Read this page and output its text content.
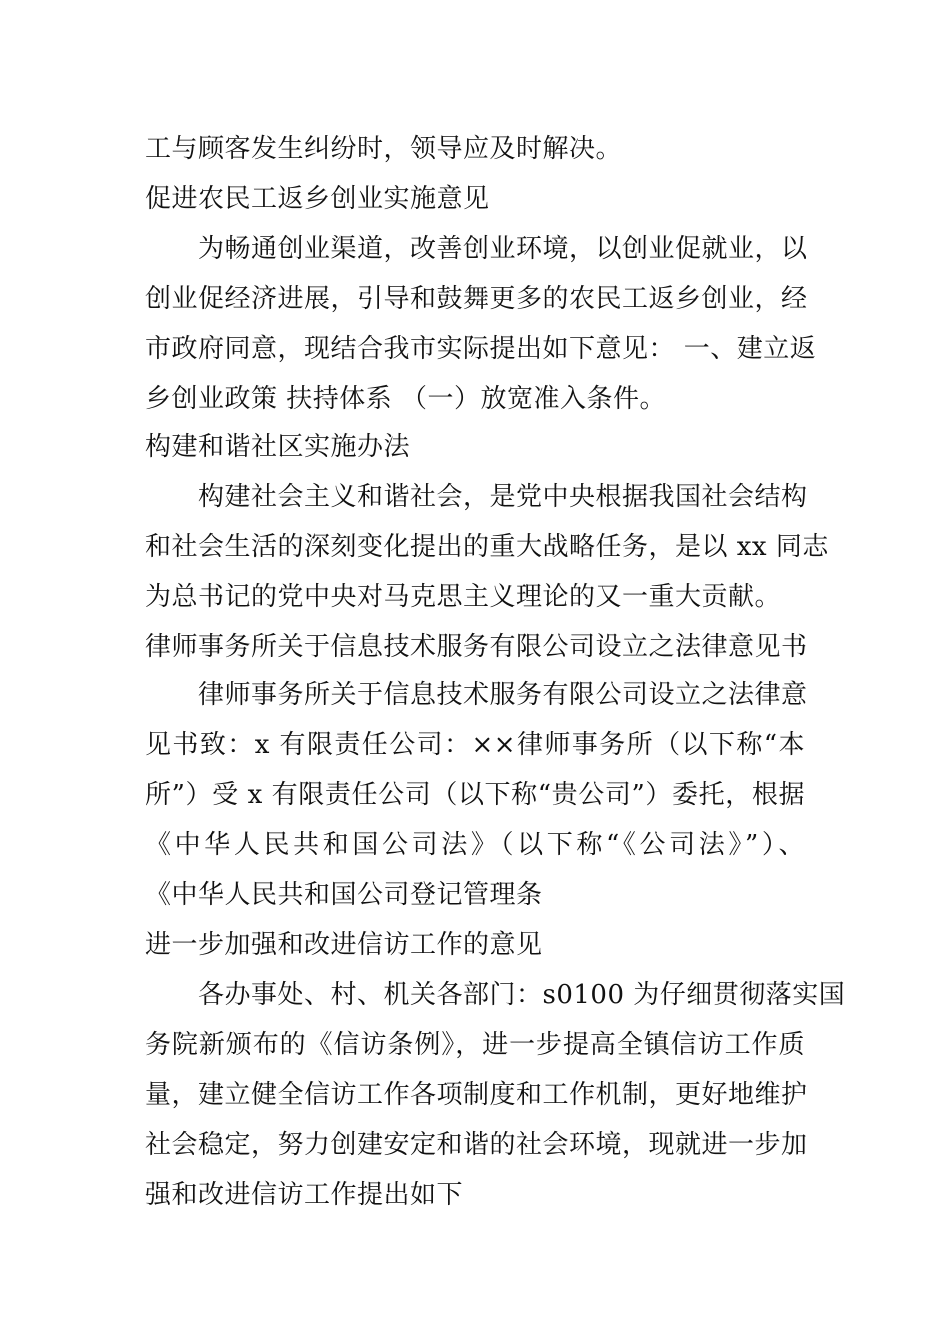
工与顾客发生纠纷时，领导应及时解决。
促进农民工返乡创业实施意见
为畅通创业渠道，改善创业环境，以创业促就业，以
创业促经济进展，引导和鼓舞更多的农民工返乡创业，经
市政府同意，现结合我市实际提出如下意见： 一、建立返
乡创业政策 扶持体系 （一）放宽准入条件。
构建和谐社区实施办法
构建社会主义和谐社会，是党中央根据我国社会结构
和社会生活的深刻变化提出的重大战略任务，是以 xx 同志
为总书记的党中央对马克思主义理论的又一重大贡献。
律师事务所关于信息技术服务有限公司设立之法律意见书
律师事务所关于信息技术服务有限公司设立之法律意
见书致：x 有限责任公司：××律师事务所（以下称“本
所”）受 x 有限责任公司（以下称“贵公司”）委托，根据
《中华人民共和国公司法》（以下称“《公司法》”）、
《中华人民共和国公司登记管理条
进一步加强和改进信访工作的意见
各办事处、村、机关各部门：s0100 为仔细贯彻落实国
务院新颁布的《信访条例》，进一步提高全镇信访工作质
量，建立健全信访工作各项制度和工作机制，更好地维护
社会稳定，努力创建安定和谐的社会环境，现就进一步加
强和改进信访工作提出如下
